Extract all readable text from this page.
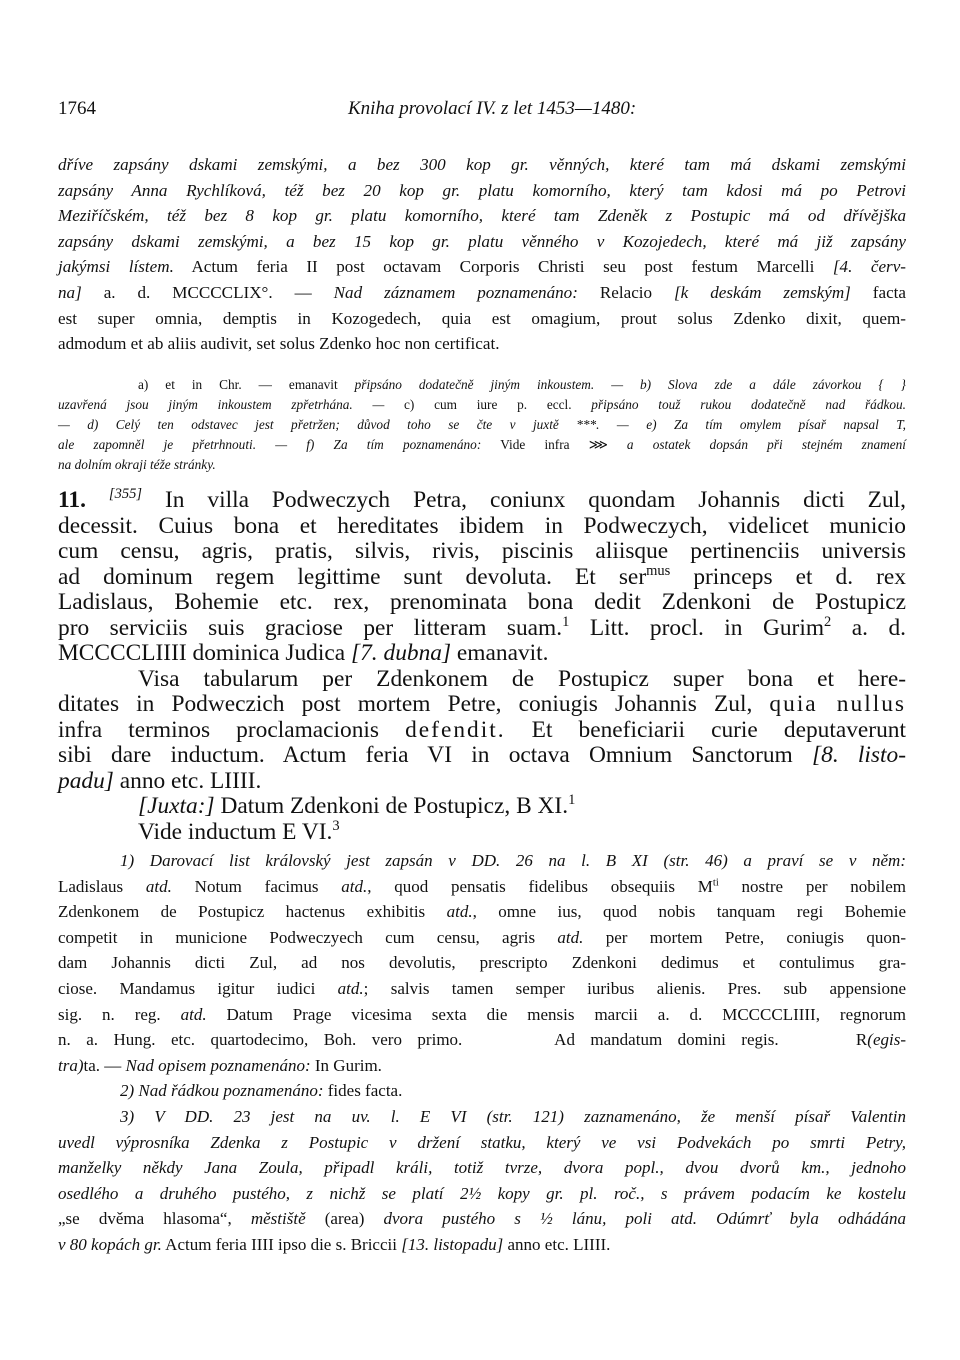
1764	Kniha provolací IV. z let 1453—1480:
dříve zapsány dskami zemskými, a bez 300 kop gr. věnných, které tam má dskami zemskými
zapsány Anna Rychlíková, též bez 20 kop gr. platu komorního, který tam kdosi má po Petrovi
Meziříčském, též bez 8 kop gr. platu komorního, které tam Zdeněk z Postupic má od dřívějška
zapsány dskami zemskými, a bez 15 kop gr. platu věnného v Kozojedech, které má již zapsány
jakýmsi lístem. Actum feria II post octavam Corporis Christi seu post festum Marcelli [4. červ-
na] a. d. MCCCCLIX°. — Nad záznamem poznamenáno: Relacio [k deskám zemským] facta
est super omnia, demptis in Kozogedech, quia est omagium, prout solus Zdenko dixit, quem-
admodum et ab aliis audivit, set solus Zdenko hoc non certificat.
a) et in Chr. — emanavit připsáno dodatečně jiným inkoustem. — b) Slova zde a dále závorkou { }
uzavřená jsou jiným inkoustem zpřetrhána. — c) cum iure p. eccl. připsáno touž rukou dodatečně nad řádkou.
— d) Celý ten odstavec jest přetržen; důvod toho se čte v juxtě ***. — e) Za tím omylem písař napsal T,
ale zapomněl je přetrhnouti. — f) Za tím poznamenáno: Vide infra ⋙ a ostatek dopsán při stejném znamení
na dolním okraji téže stránky.
11. [355] In villa Podweczych Petra, coniunx quondam Johannis dicti Zul,
decessit. Cuius bona et hereditates ibidem in Podweczych, videlicet municio
cum censu, agris, pratis, silvis, rivis, piscinis aliisque pertinenciis universis
ad dominum regem legittime sunt devoluta. Et ser$^{mus}$ princeps et d. rex
Ladislaus, Bohemie etc. rex, prenominata bona dedit Zdenkoni de Postupicz
pro serviciis suis graciose per litteram suam.$^1$ Litt. procl. in Gurim$^2$ a. d.
MCCCCLIIII dominica Judica [7. dubna] emanavit.
Visa tabularum per Zdenkonem de Postupicz super bona et here-
ditates in Podweczich post mortem Petre, coniugis Johannis Zul, quia nullus
infra terminos proclamacionis defendit. Et beneficiarii curie deputaverunt
sibi dare inductum. Actum feria VI in octava Omnium Sanctorum [8. listo-
padu] anno etc. LIIII.
[Juxta:] Datum Zdenkoni de Postupicz, B XI.$^1$
Vide inductum E VI.$^3$
1) Darovací list královský jest zapsán v DD. 26 na l. B XI (str. 46) a praví se v něm:
Ladislaus atd. Notum facimus atd., quod pensatis fidelibus obsequiis $M^{ti}$ nostre per nobilem
Zdenkonem de Postupicz hactenus exhibitis atd., omne ius, quod nobis tanquam regi Bohemie
competit in municione Podweczyech cum censu, agris atd. per mortem Petre, coniugis quon-
dam Johannis dicti Zul, ad nos devolutis, prescripto Zdenkoni dedimus et contulimus gra-
ciose. Mandamus igitur iudici atd.; salvis tamen semper iuribus alienis. Pres. sub appensione
sig. n. reg. atd. Datum Prage vicesima sexta die mensis marcii a. d. MCCCCLIIII, regnorum
n. a. Hung. etc. quartodecimo, Boh. vero primo.      Ad mandatum domini regis.     R(egis-
tra)ta. — Nad opisem poznamenáno: In Gurim.
2) Nad řádkou poznamenáno: fides facta.
3) V DD. 23 jest na uv. l. E VI (str. 121) zaznamenáno, že menší písař Valentin
uvedl výprosníka Zdenka z Postupic v držení statku, který ve vsi Podvekách po smrti Petry,
manželky někdy Jana Zoula, připadl králi, totiž tvrze, dvora popl., dvou dvorů km., jednoho
osedlého a druhého pustého, z nichž se platí 2½ kopy gr. pl. roč., s právem podacím ke kostelu
„se dvěma hlasoma“, městiště (area) dvora pustého s ½ lánu, poli atd. Odúmrť byla odhádána
v 80 kopách gr. Actum feria IIII ipso die s. Briccii [13. listopadu] anno etc. LIIII.
